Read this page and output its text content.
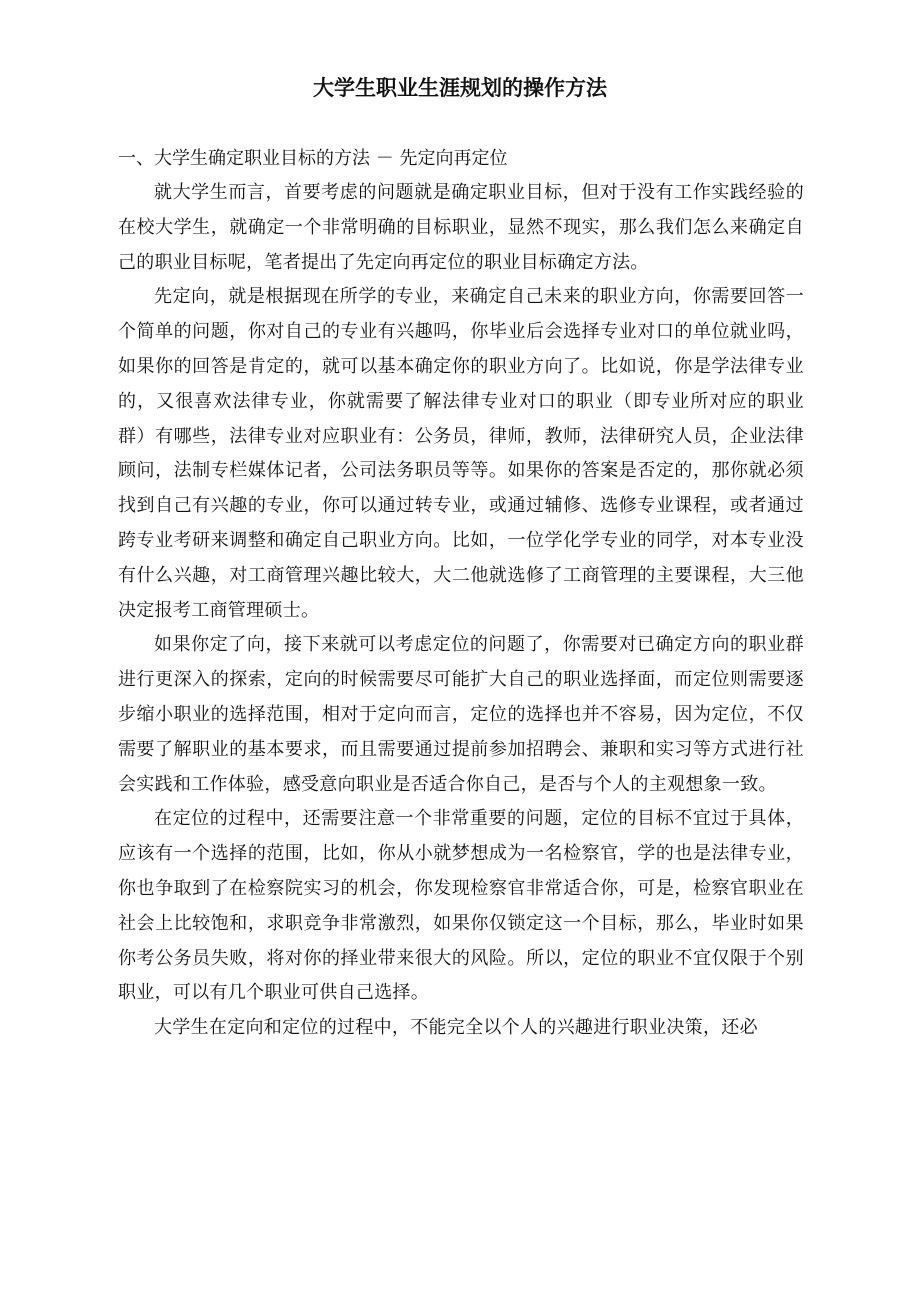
大学生职业生涯规划的操作方法

一、大学生确定职业目标的方法 － 先定向再定位

就大学生而言，首要考虑的问题就是确定职业目标，但对于没有工作实践经验的在校大学生，就确定一个非常明确的目标职业，显然不现实，那么我们怎么来确定自己的职业目标呢，笔者提出了先定向再定位的职业目标确定方法。

先定向，就是根据现在所学的专业，来确定自己未来的职业方向，你需要回答一个简单的问题，你对自己的专业有兴趣吗，你毕业后会选择专业对口的单位就业吗，如果你的回答是肯定的，就可以基本确定你的职业方向了。比如说，你是学法律专业的，又很喜欢法律专业，你就需要了解法律专业对口的职业（即专业所对应的职业群）有哪些，法律专业对应职业有：公务员，律师，教师，法律研究人员，企业法律顾问，法制专栏媒体记者，公司法务职员等等。如果你的答案是否定的，那你就必须找到自己有兴趣的专业，你可以通过转专业，或通过辅修、选修专业课程，或者通过跨专业考研来调整和确定自己职业方向。比如，一位学化学专业的同学，对本专业没有什么兴趣，对工商管理兴趣比较大，大二他就选修了工商管理的主要课程，大三他决定报考工商管理硕士。

如果你定了向，接下来就可以考虑定位的问题了，你需要对已确定方向的职业群进行更深入的探索，定向的时候需要尽可能扩大自己的职业选择面，而定位则需要逐步缩小职业的选择范围，相对于定向而言，定位的选择也并不容易，因为定位，不仅需要了解职业的基本要求，而且需要通过提前参加招聘会、兼职和实习等方式进行社会实践和工作体验，感受意向职业是否适合你自己，是否与个人的主观想象一致。

在定位的过程中，还需要注意一个非常重要的问题，定位的目标不宜过于具体，应该有一个选择的范围，比如，你从小就梦想成为一名检察官，学的也是法律专业，你也争取到了在检察院实习的机会，你发现检察官非常适合你，可是，检察官职业在社会上比较饱和，求职竞争非常激烈，如果你仅锁定这一个目标，那么，毕业时如果你考公务员失败，将对你的择业带来很大的风险。所以，定位的职业不宜仅限于个别职业，可以有几个职业可供自己选择。

大学生在定向和定位的过程中，不能完全以个人的兴趣进行职业决策，还必
